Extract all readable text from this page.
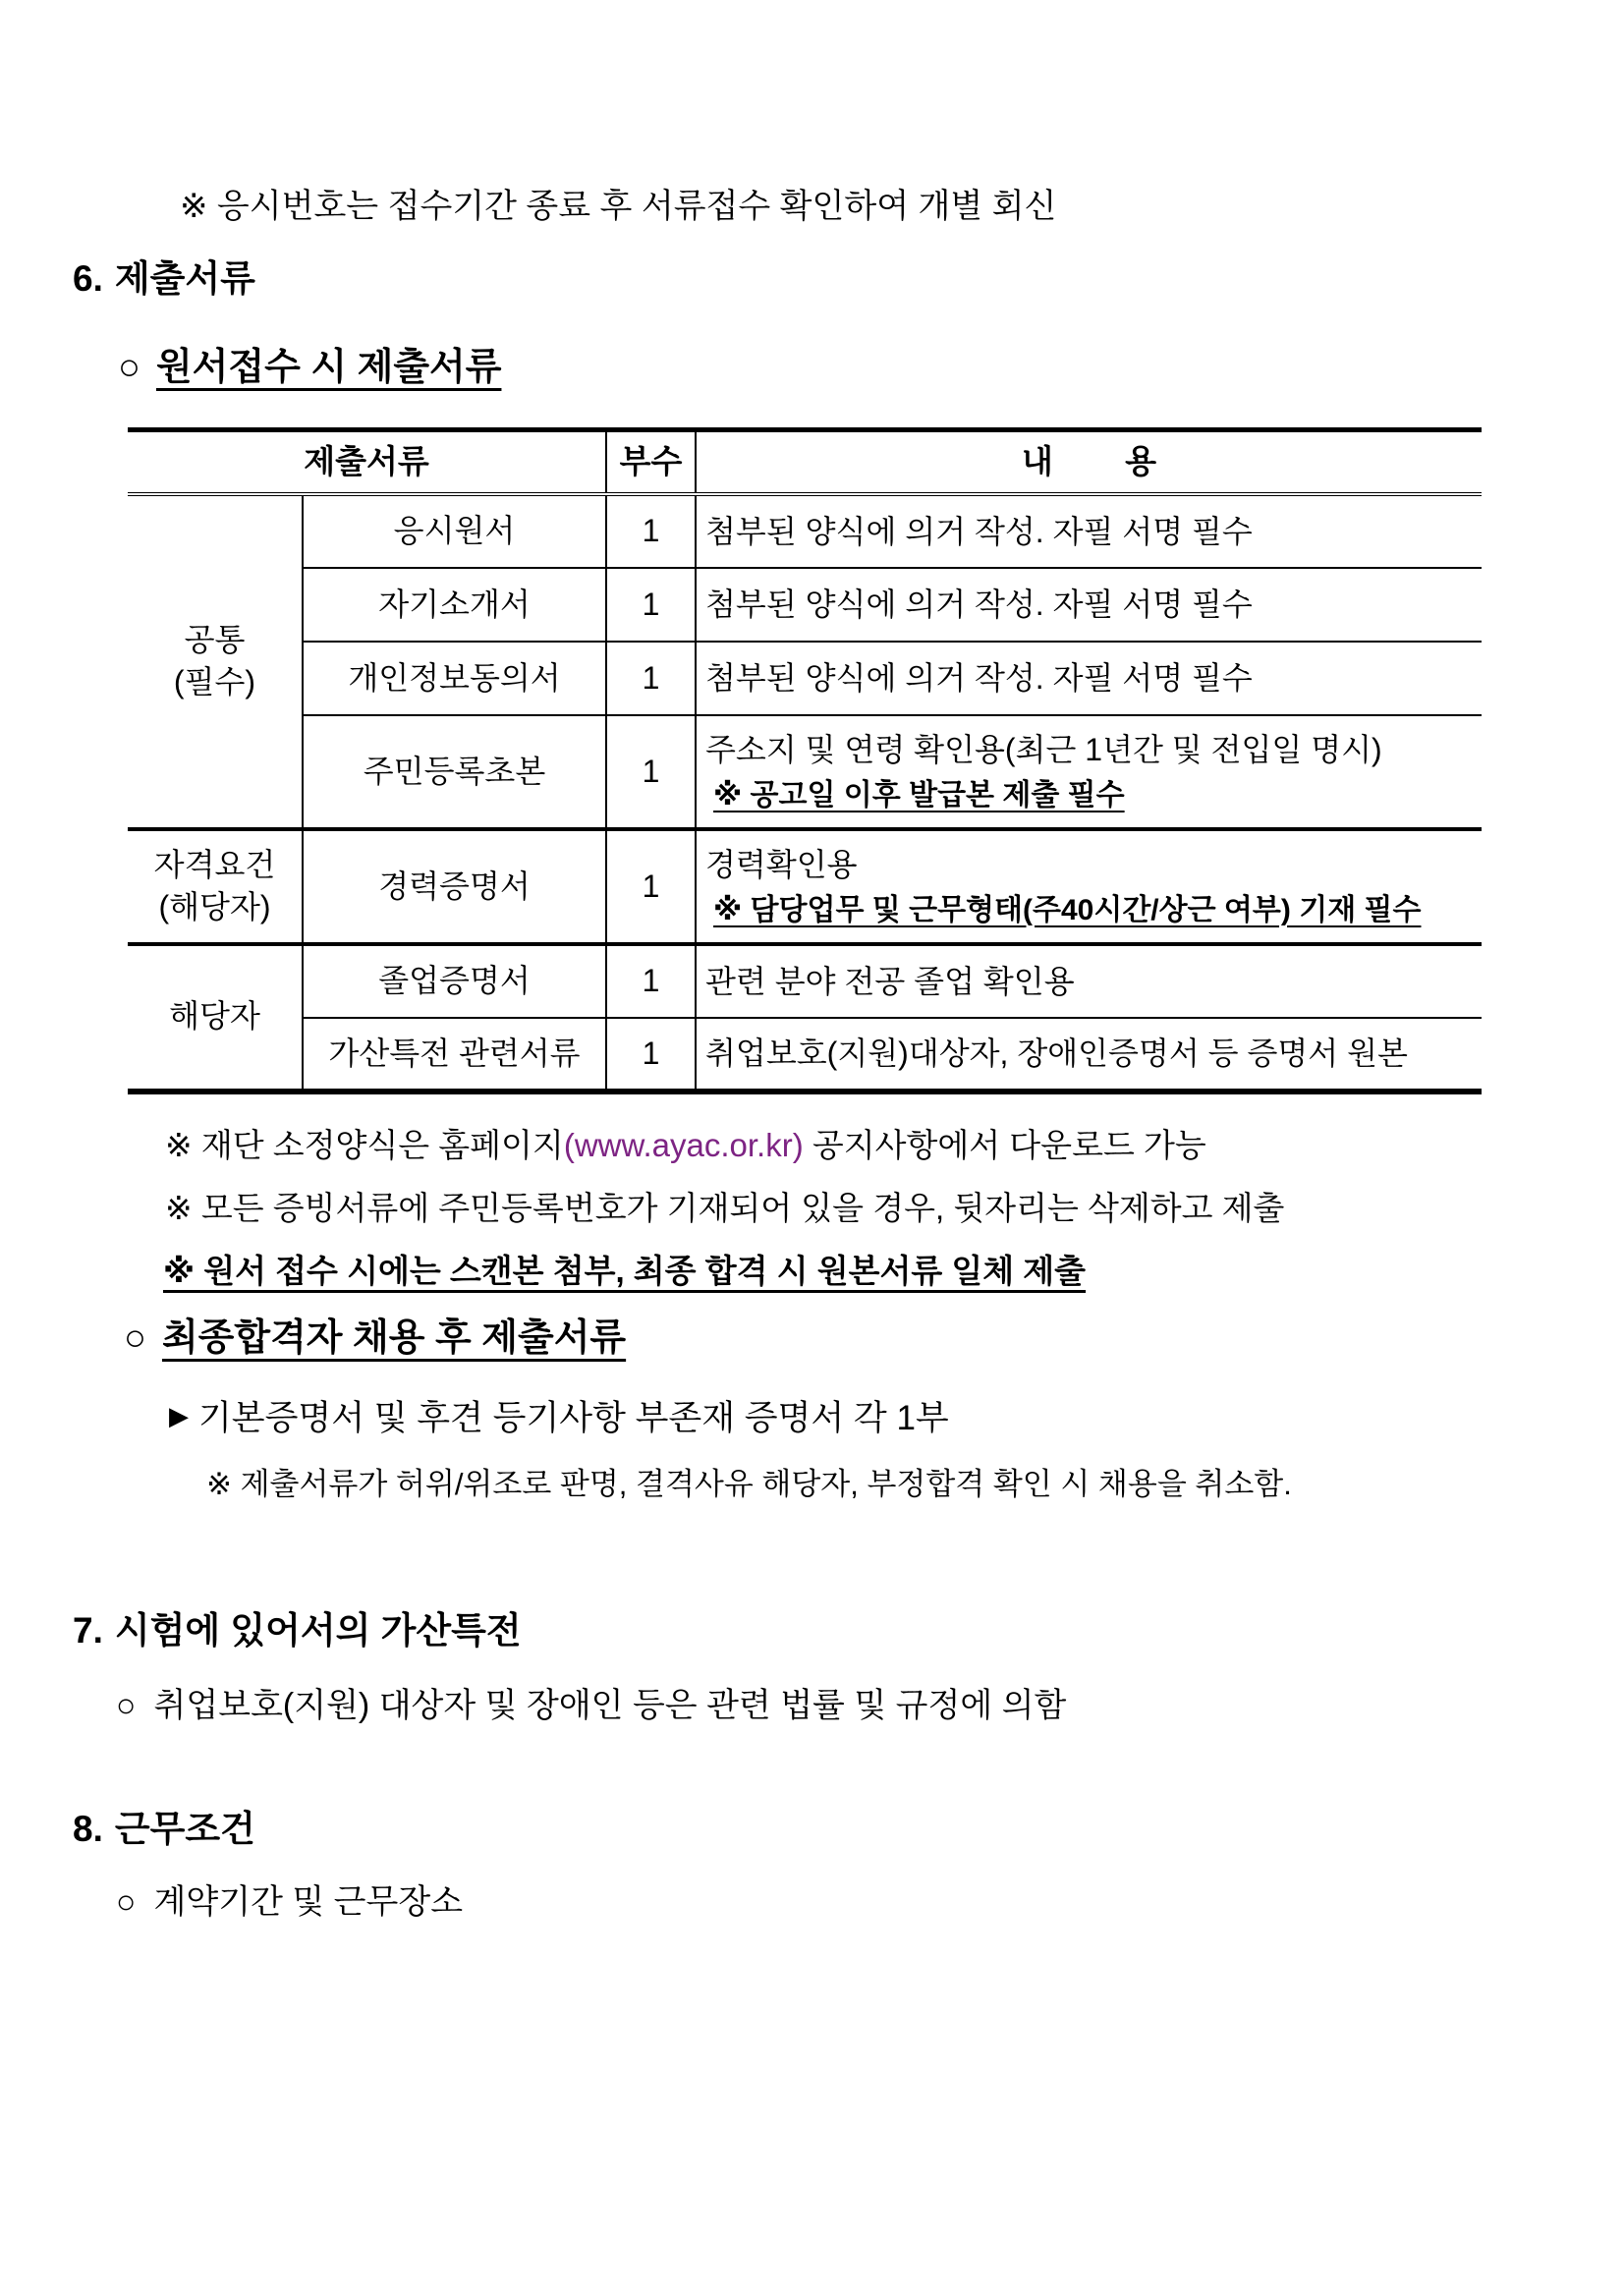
※ 응시번호는 접수기간 종료 후 서류접수 확인하여 개별 회신
6. 제출서류
○ 원서접수 시 제출서류
제출서류		부수	내        용

공통
(필수)	응시원서	1	첨부된 양식에 의거 작성. 자필 서명 필수

	자기소개서	1	첨부된 양식에 의거 작성. 자필 서명 필수

	개인정보동의서	1	첨부된 양식에 의거 작성. 자필 서명 필수

	주민등록초본	1	주소지 및 연령 확인용(최근 1년간 및 전입일 명시)
※ 공고일 이후 발급본 제출 필수

자격요건
(해당자)	경력증명서	1	경력확인용
※ 담당업무 및 근무형태(주40시간/상근 여부) 기재 필수

해당자	졸업증명서	1	관련 분야 전공 졸업 확인용

	가산특전 관련서류	1	취업보호(지원)대상자, 장애인증명서 등 증명서 원본
※ 재단 소정양식은 홈페이지(www.ayac.or.kr) 공지사항에서 다운로드 가능
※ 모든 증빙서류에 주민등록번호가 기재되어 있을 경우, 뒷자리는 삭제하고 제출
※ 원서 접수 시에는 스캔본 첨부, 최종 합격 시 원본서류 일체 제출
○ 최종합격자 채용 후 제출서류
▶ 기본증명서 및 후견 등기사항 부존재 증명서 각 1부
※ 제출서류가 허위/위조로 판명, 결격사유 해당자, 부정합격 확인 시 채용을 취소함.
7. 시험에 있어서의 가산특전
○ 취업보호(지원) 대상자 및 장애인 등은 관련 법률 및 규정에 의함
8. 근무조건
○ 계약기간 및 근무장소
